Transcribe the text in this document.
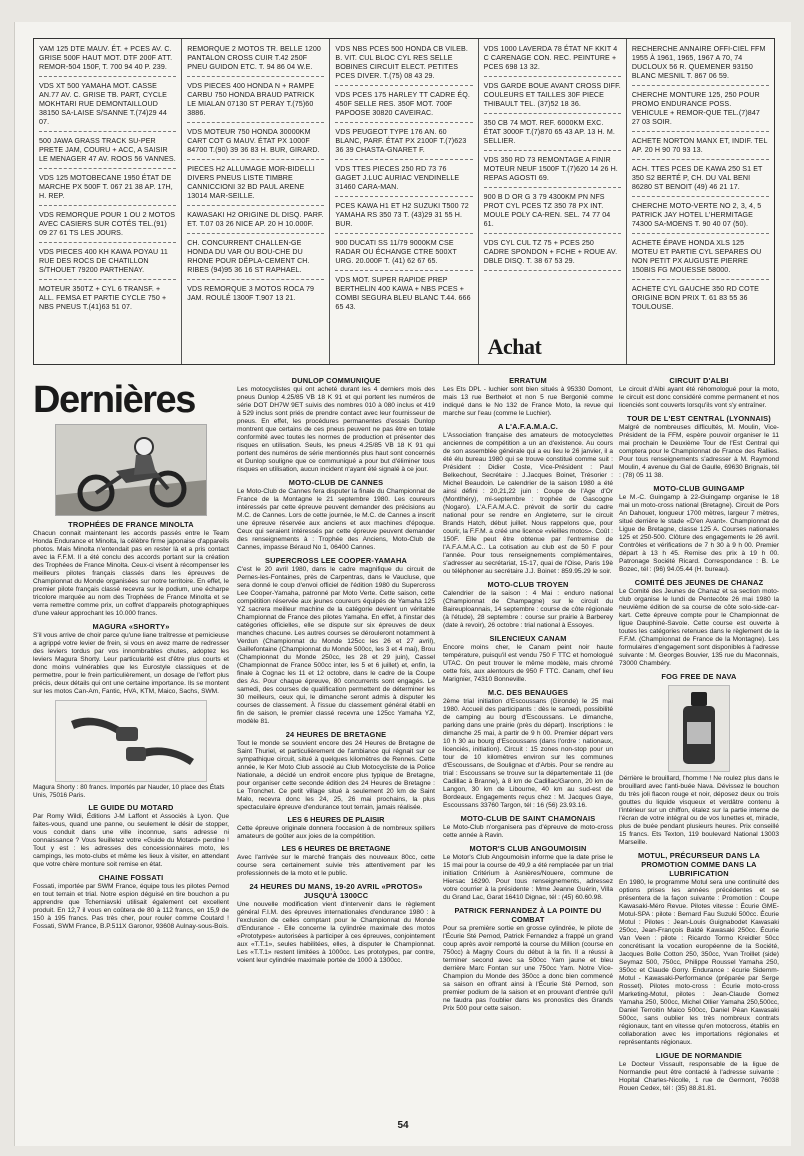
YAM 125 DTE MAUV. ÉT. + PCES AV. C. GRISE 500F HAUT MOT. DTF 200F ATT. REMOR-504 150F, T. 700 94 40 P. 239.
VDS XT 500 YAMAHA MOT. CASSE AN.77 AV. C. GRISE TB. PART, CYCLE MOKHTARI RUE DEMONTAILLOUD 38150 SA-LAISE S/SANNE T.(74)29 44 07.
500 JAWA GRASS TRACK SU-PER PRETE JAM, COURU + ACC, A SAISIR LE MENAGER 47 AV. ROOS 56 VANNES.
VDS 125 MOTOBECANE 1950 ÉTAT DE MARCHE PX 500F T. 067 21 38 AP. 17H, H. REP.
VDS REMORQUE POUR 1 OU 2 MOTOS AVEC CASIERS SUR COTÉS TEL.(91) 09 27 61 TS LES JOURS.
VDS PIECES 400 KH KAWA POYAU 11 RUE DES ROCS DE CHATILLON S/THOUET 79200 PARTHENAY.
MOTEUR 350TZ + CYL 6 TRANSF. + ALL. FEMSA ET PARTIE CYCLE 750 + NBS PNEUS T.(41)63 51 07.
REMORQUE 2 MOTOS TR. BELLE 1200 PANTALON CROSS CUIR T.42 250F PNEU GUIDON ETC. T. 94 86 04 W.E.
VDS PIECES 400 HONDA N + RAMPE CARBU 750 HONDA BRAUD PATRICK LE MIALAN 07130 ST PERAY T.(75)60 3886.
VDS MOTEUR 750 HONDA 30000KM CART COT G MAUV. ÉTAT PX 1000F 84700 T.(90) 39 36 83 H. BUR, GIRARD.
PIECES H2 ALLUMAGE MOR-BIDELLI DIVERS PNEUS LISTE TIMBRE CANNICCIONI 32 BD PAUL ARENE 13014 MAR-SEILLE.
KAWASAKI H2 ORIGINE DL DISQ. PARF. ET. T.07 03 26 NICE AP. 20 H 10.000F.
CH. CONCURRENT CHALLEN-GE HONDA DU VAR OU BOU-CHE DU RHONE POUR DÉPLA-CEMENT CH. RIBES (94)95 36 16 ST RAPHAEL.
VDS REMORQUE 3 MOTOS ROCA 79 JAM. ROULÉ 1300F T.907 13 21.
VDS NBS PCES 500 HONDA CB VILEB. B. VIT. CUL BLOC CYL RES SELLE BOBINES CIRCUIT ELECT. PETITES PCES DIVER. T.(75) 08 43 29.
VDS PCES 175 HARLEY TT CADRE ÉQ. 450F SELLE RES. 350F MOT. 700F PAPOOSE 30820 CAVEIRAC.
VDS PEUGEOT TYPE 176 AN. 60 BLANC, PARF. ÉTAT PX 2100F T.(7)623 36 39 CHASTA-GNARET F.
VDS TTES PIECES 250 RD 73 76 GAGET J.LUC AURIAC VENDINELLE 31460 CARA-MAN.
PCES KAWA H1 ET H2 SUZUKI T500 72 YAMAHA RS 350 73 T. (43)29 31 55 H. BUR.
900 DUCATI SS 11/79 9000KM CSE RADAR OU ÉCHANGE CTRE 500XT URG. 20.000F T. (41) 62 67 65.
VDS MOT. SUPER RAPIDE PREP BERTHELIN 400 KAWA + NBS PCES + COMBI SEGURA BLEU BLANC T.44. 666 65 43.
VDS 1000 LAVERDA 78 ÉTAT NF KKIT 4 C CARENAGE CON. REC. PEINTURE + PCES 698 13 32.
VDS GARDE BOUE AVANT CROSS DIFF. COULEURS ET TAILLES 30F PIECE THIBAULT TEL. (37)52 18 36.
350 CB 74 MOT. REF. 6000KM EXC. ÉTAT 3000F T.(7)870 65 43 AP. 13 H. M. SELLIER.
VDS 350 RD 73 REMONTAGE A FINIR MOTEUR NEUF 1500F T.(7)620 14 26 H. REPAS AGOSTI 69.
900 B D OR G 3 79 4300KM PN NFS PROT CYL PCES TZ 350 78 PX INT. MOULE POLY CA-REN. SEL. 74 77 04 61.
VDS CYL CUL TZ 75 + PCES 250 CADRE SPONDON + FCHE + ROUE AV. DBLE DISQ. T. 38 67 53 29.
Achat
RECHERCHE ANNAIRE OFFI-CIEL FFM 1955 À 1961, 1965, 1967 A 70, 74 DUCLOUX 56 R. QUEMENER 93150 BLANC MESNIL T. 867 06 59.
CHERCHE MONTURE 125, 250 POUR PROMO ENDURANCE POSS. VEHICULE + REMOR-QUE TEL.(7)847 27 03 SOIR.
ACHETE NORTON MANX ET, INDIF. TEL AP. 20 H 90 70 93 13.
ACH. TTES PCES DE KAWA 250 S1 ET 350 S2 BERTÉ P, CH. DU VAL BENI 86280 ST BENOIT (49) 46 21 17.
CHERCHE MOTO-VERTE NO 2, 3, 4, 5 PATRICK JAY HOTEL L'HERMITAGE 74300 SA-MOENS T. 90 40 07 (50).
ACHETE ÉPAVE HONDA XLS 125 MOTEU ET PARTIE CYL SEPARES OU NON PETIT PX AUGUSTE PIERRE 150BIS FG MOUESSE 58000.
ACHETE CYL GAUCHE 350 RD COTE ORIGINE BON PRIX T. 61 83 55 36 TOULOUSE.
Dernières
TROPHÉES DE FRANCE MINOLTA

Chacun connait maintenant les accords passés entre le Team Honda Endurance et Minolta, la célèbre firme japonaise d'appareils photos. Mais Minolta n'entendait pas en rester là et a pris contact avec la F.F.M. Il a été conclu des accords portant sur la création des Trophées de France Minolta. Ceux-ci visent à récompenser les meilleurs pilotes français classés dans les épreuves de Championnat du Monde organisées sur notre territoire. En effet, le premier pilote français classé recevra sur le podium, une écharpe tricolore marquée au nom des Trophées de France Minolta et se verra remettre comme prix, un coffret d'appareils photographiques d'une valeur approchant les 10.000 francs.

MAGURA «SHORTY»

S'il vous arrive de choir parce qu'une liane traîtresse et pernicieuse a agrippé votre levier de frein, si vous en avez marre de redresser des leviers tordus par vos innombrables chutes, adoptez les leviers Magura Shorty. Leur particularité est d'être plus courts et donc moins vulnérables que les Eurostyle classiques et de permettre, pour le frein particulièrement, un dosage de l'effort plus précis, deux détails qui ont une certaine importance. Ils se montent sur les motos Can-Am, Fantic, HVA, KTM, Maico, Sachs, SWM.

Magura Shorty : 80 francs. Importés par Nauder, 10 place des États Unis, 75016 Paris.
LE GUIDE DU MOTARD

Par Romy Wildi, Éditions J-M Laffont et Associés à Lyon. Que faites-vous, quand une panne, ou seulement le désir de stopper, vous conduit dans une ville inconnue, sans adresse ni connaissance ? Vous feuilletez votre «Guide du Motard» perdine ! Tout y est : les adresses des concessionnaires moto, les campings, les moto-clubs et même les lieux à visiter, en attendant que votre chère monture soit remise en état.

CHAINE FOSSATI

Fossati, importée par SWM France, équipe tous les pilotes Pernod en tout terrain et trial. Notre espion déguisé en tire bouchon a pu apprendre que Tcherniavski utilisait également cet excellent produit. En 12,7 il vous en coûtera de 80 à 112 francs, en 15,9 de 150 à 195 francs. Pas très cher, pour rouler comme Coutard ! Fossati, SWM France, B.P.511X Garonor, 93608 Aulnay-sous-Bois.

DUNLOP COMMUNIQUE

Les motocyclistes qui ont acheté durant les 4 derniers mois des pneus Dunlop 4.25/85 VB 18 K 91 et qui portent les numéros de série DOT DH7W 9ET suivis des nombres 010 à 080 inclus et 419 à 529 inclus sont priés de prendre contact avec leur fournisseur de pneus. En effet, les procédures permanentes d'essais Dunlop montrent que certains de ces pneus peuvent ne pas être en totale conformité avec toutes les normes de production et présenter des risques en utilisation. Seuls, les pneus 4.25/85 VB 18 K 91 qui portent des numéros de série mentionnés plus haut sont concernés et Dunlop souligne que ce communiqué a pour but d'éliminer tous risques en utilisation, aucun incident n'ayant été signalé à ce jour.

MOTO-CLUB DE CANNES

Le Moto-Club de Cannes fera disputer la finale du Championnat de France de la Montagne le 21 septembre 1980. Les coureurs intéressés par cette épreuve peuvent demander des précisions au M.C. de Cannes. Lors de cette journée, le M.C. de Cannes a inscrit une épreuve réservée aux anciens et aux machines d'époque. Ceux qui seraient intéressés par cette épreuve peuvent demander des renseignements à : Trophée des Anciens, Moto-Club de Cannes, impasse Béraud No 1, 06400 Cannes.

SUPERCROSS LEE COOPER-YAMAHA

C'est le 20 avril 1980, dans le cadre magnifique du circuit de Pernes-les-Fontaines, près de Carpentras, dans le Vaucluse, que sera donné le coup d'envoi officiel de l'édition 1980 du Supercross Lee Cooper-Yamaha, patronné par Moto Verte. Cette saison, cette compétition réservée aux jeunes coureurs équipés de Yamaha 125 YZ sacrera meilleur machine de la catégorie devient un véritable Championnat de France des pilotes Yamaha. En effet, à l'instar des catégories officielles, elle se dispute sur six épreuves de deux manches chacune. Les autres courses se dérouleront notamment à Verdun (Championnat du Monde 125cc les 26 et 27 avril), Gaillefontaine (Championnat du Monde 500cc, les 3 et 4 mai), Brou (Championnat du Monde 250cc, les 28 et 29 juin), Cassel (Championnat de France 500cc inter, les 5 et 6 juillet) et, enfin, la finale à Cognac les 11 et 12 octobre, dans le cadre de la Coupe des As. Pour chaque épreuve, 80 concurrents sont engagés. Le samedi, des courses de qualification permettent de déterminer les 30 meilleurs, ceux qui, le dimanche seront admis à disputer les courses de classement. À l'issue du classement général établi en fin de saison, le premier classé recevra une 125cc Yamaha YZ, modèle 81.

24 HEURES DE BRETAGNE

Tout le monde se souvient encore des 24 Heures de Bretagne de Saint Thuriel, et particulièrement de l'ambiance qui régnait sur ce sympathique circuit, situé à quelques kilomètres de Rennes. Cette année, le Ker Moto Club associé au Club Motocycliste de la Police Nationale, a décidé un endroit encore plus typique de Bretagne, pour organiser cette seconde édition des 24 Heures de Bretagne : Le Tronchet. Ce petit village situé à seulement 20 km de Saint Malo, recevra donc les 24, 25, 26 mai prochains, la plus spectaculaire épreuve d'endurance tout terrain, jamais réalisée.

LES 6 HEURES DE PLAISIR

Cette épreuve originale donnera l'occasion à de nombreux spillers amateurs de goûter aux joies de la compétition.

LES 6 HEURES DE BRETAGNE

Avec l'arrivée sur le marché français des nouveaux 80cc, cette course sera certainement suivie très attentivement par les professionnels de la moto et le public.

24 HEURES DU MANS, 19-20 AVRIL «PROTOS» JUSQU'À 1300CC

Une nouvelle modification vient d'intervenir dans le règlement général F.I.M. des épreuves internationales d'endurance 1980 : à l'exclusion de celles comptant pour le Championnat du Monde d'Endurance - Elle concerne la cylindrée maximale des motos «Prototypes» autorisées à participer à ces épreuves, conjointement aux «T.T.1», seules habilitées, elles, à disputer le Championnat. Les «T.T.1» restent limitées à 1000cc. Les prototypes, par contre, voient leur cylindrée maximale portée de 1000 à 1300cc.

ERRATUM

Les Ets DPL - luchier sont bien situés à 95330 Domont, mais 13 rue Berthelot et non 5 rue Bergonié comme indiqué dans le No 132 de France Moto, la revue qui marche sur l'eau (comme le Luchier).

A L'A.F.A.M.A.C.

L'Association française des amateurs de motocyclettes anciennes de compétition a un an d'existence. Au cours de son assemblée générale qui a eu lieu le 26 janvier, il a été élu bureau 1980 qui se trouve constitué comme suit : Président : Didier Coste, Vice-Président : Paul Belkechout, Secrétaire : J.Jacques Boinet, Trésorier : Michel Beaudoin. Le calendrier de la saison 1980 a été ainsi défini : 20,21,22 juin : Coupe de l'Age d'Or (Montlhéry), mi-septembre : trophée de Gascogne (Nogaro). L'A.F.A.M.A.C. prévoit de sortir du cadre national pour se rendre en Angleterre, sur le circuit Brands Hatch, début juillet. Nous rappelons que, pour courir, la F.F.M. a créé une licence «vieilles motos». Coût : 150F. Elle peut être obtenue par l'entremise de l'A.F.A.M.A.C.. La cotisation au club est de 50 F pour l'année. Pour tous renseignements complémentaires, s'adresser au secrétariat, 15-17, quai de l'Oise, Paris 19è ou téléphoner au secrétaire J.J. Boinet : 859.95.29 le soir.

MOTO-CLUB TROYEN

Calendrier de la saison : 4 Mai : enduro national (Championnat de Champagne) sur le circuit du Baireuploannais, 14 septembre : course de côte régionale (à l'étude), 28 septembre : course sur prairie à Barberey (date à revoir), 26 octobre : trial national à Essoyes.

SILENCIEUX CANAM

Encore moins cher, le Canam peint noir haute température, puisqu'il est vendu 750 F TTC et homologué UTAC. On peut trouver le même modèle, mais chromé cette fois, aux alentours de 950 F TTC. Canam, chef lieu Marignier, 74310 Bonneville.

M.C. DES BENAUGES

2ème trial initiation d'Escoussans (Gironde) le 25 mai 1980. Accueil des participants : dès le samedi, possibilité de camping au bourg d'Escoussans. Le dimanche, parking dans une prairie (près du départ). Inscriptions : le dimanche 25 mai, à partir de 9 h 00. Premier départ vers 10 h 30 au bourg d'Escoussans (dans l'ordre : nationaux, licenciés, initiation). Circuit : 15 zones non-stop pour un tour de 10 kilomètres environ sur les communes d'Escoussans, de Soulignac et d'Arbis. Pour se rendre au trial : Escoussans se trouve sur la départementale 11 (de Cadillac à Branne), à 8 km de Cadillac/Garonn, 20 km de Langon, 30 km de Libourne, 40 km au sud-est de Bordeaux. Engagements reçus chez : M. Jacques Gaye, Escoussans 33760 Targon, tél : 16 (56) 23.93.16.

MOTO-CLUB DE SAINT CHAMONAIS

Le Moto-Club n'organisera pas d'épreuve de moto-cross cette année à Ravin.

MOTOR'S CLUB ANGOUMOISIN

Le Motor's Club Angoumoisin informe que la date prise le 15 mai pour la course de 49,9 a été remplacée par un trial initiation Critérium à Asnières/Nouere, commune de Hiersac 16290. Pour tous renseignements, adressez votre courrier à la présidente : Mme Jeanne Guérin, Villa du Grand Lac, Garat 16410 Dignac, tél : (45) 60.60.98.

PATRICK FERNANDEZ À LA POINTE DU COMBAT

Pour sa première sortie en grosse cylindrée, le pilote de l'Écurie Sté Pernod, Patrick Fernandez a frappé un grand coup après avoir remporté la course du Million (course en 750cc) à Magny Cours du début à la fin. Il a réussi à terminer second avec sa 500cc Yam jaune et bleu derrière Marc Fontan sur une 750cc Yam. Notre Vice-Champion du Monde des 350cc a donc bien commencé sa saison en offrant ainsi à l'Écurie Sté Pernod, son premier podium de la saison et en prouvant d'entrée qu'il ne faudra pas l'oublier dans les pronostics des Grands Prix 500 pour cette saison.

CIRCUIT D'ALBI

Le circuit d'Albi ayant été réhomologué pour la moto, le circuit est donc considéré comme permanent et nos licenciés sont couverts lorsqu'ils vont s'y entraîner.

TOUR DE L'EST CENTRAL (LYONNAIS)

Malgré de nombreuses difficultés, M. Moulin, Vice-Président de la FFM, espère pouvoir organiser le 11 mai prochain le Deuxième Tour de l'Est Central qui comptera pour le Championnat de France des Rallies. Pour tous renseignements s'adresser à M. Raymond Moulin, 4 avenue du Gal de Gaulle, 69630 Brignais, tél : (78) 05 11 38.

MOTO-CLUB GUINGAMP

Le M.-C. Guingamp à 22-Guingamp organise le 18 mai un moto-cross national (Bretagne). Circuit de Pors An Dahouet, longueur 1700 mètres, largeur 7 mètres, situé derrière le stade «D'en Avant». Championnat de Ligue de Bretagne, classe 125 A. Courses nationales 125 et 250-500. Clôture des engagements le 26 avril. Contrôles et vérifications de 7 h 30 à 9 h 00. Premier départ à 13 h 45. Remise des prix à 19 h 00. Patronage Société Ricard. Correspondance : B. Le Bozec, tél : (96) 94.05.44 (H. bureau).

COMITÉ DES JEUNES DE CHANAZ

Le Comité des Jeunes de Chanaz et sa section moto-club organise le lundi de Pentecôte 26 mai 1980 la neuvième édition de sa course de côte solo-side-car-kart. Cette épreuve compte pour le Championnat de ligue Dauphiné-Savoie. Cette course est ouverte à toutes les catégories retenues dans le règlement de la F.F.M. (Championnat de France de la Montagne). Les formulaires d'engagement sont disponibles à l'adresse suivante : M. Georges Bouvier, 135 rue du Maconnais, 73000 Chambéry.

FOG FREE DE NAVA

Dérrière le brouillard, l'homme ! Ne roulez plus dans le brouillard avec l'anti-buée Nava. Dévissez le bouchon du très joli flacon rouge et noir, déposez deux ou trois gouttes du liquide visqueux et verdâtre contenu à l'intérieur sur un chiffon, étalez sur la partie interne de l'écran de votre intégral ou de vos lunettes et, miracle, plus de buée pendant plusieurs heures. Prix conseillé 15 francs. Ets Texton, 119 boulevard National 13003 Marseille.

MOTUL, PRÉCURSEUR DANS LA PROMOTION COMME DANS LA LUBRIFICATION

En 1980, le programme Motul sera une continuité des options prises les années précédentes et se présentera de la façon suivante : Promotion : Coupe Kawasaki-Méro Revue. Pilotes vitesse : Écurie GME-Motul-SPA : pilote : Bernard Fau Suzuki 500cc. Écurie Motul : Pilotes : Jean-Louis Guignabodet Kawasaki 250cc, Jean-François Baldé Kawasaki 250cc. Écurie Van Veen : pilote : Ricardo Tormo Kreidler 50cc concrétisant la vocation européenne de la Société, Jacques Bolle Cotton 250, 350cc, Yvan Troillet (side) Seymaz 500, 750cc, Philippe Roussel Yamaha 250, 350cc et Claude Gorry. Endurance : écurie Sidemm-Motul - Kawasaki-Performance (préparée par Serge Rosset). Pilotes moto-cross : Écurie moto-cross Marketing-Motul, pilotes : Jean-Claude Gomez Yamaha 250, 500cc, Michel Ollier Yamaha 250,500cc, Daniel Terroitin Maico 500cc, Daniel Péan Kawasaki 500cc, sans oublier les très nombreux contrats régionaux, tant en vitesse qu'en motocross, établis en collaboration avec les importations régionales et représentants régionaux.

LIGUE DE NORMANDIE

Le Docteur Vissault, responsable de la ligue de Normandie peut être contacté à l'adresse suivante : Hopital Charles-Nicolle, 1 rue de Germont, 76038 Rouen Cedex, tél : (35) 88.81.81.

54
